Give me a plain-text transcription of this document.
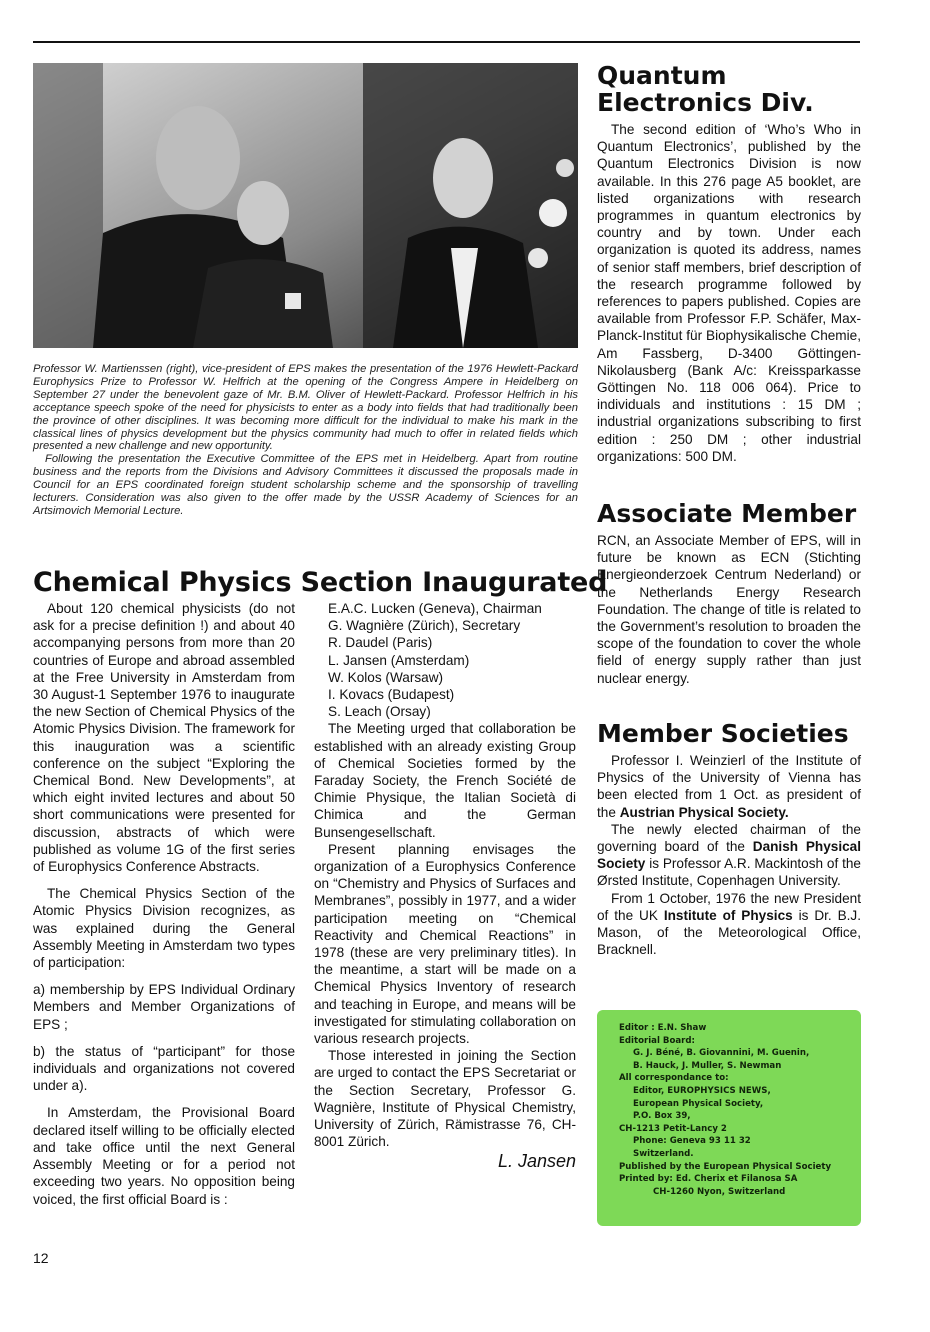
Professor W. Martienssen (right), vice-president of EPS makes the presentation of the 1976 Hewlett-Packard Europhysics Prize to Professor W. Helfrich at the opening of the Congress Ampere in Heidelberg on September 27 under the benevolent gaze of Mr. B.M. Oliver of Hewlett-Packard. Professor Helfrich in his acceptance speech spoke of the need for physicists to enter as a body into fields that had traditionally been the province of other disciplines. It was becoming more difficult for the individual to make his mark in the classical lines of physics development but the physics community had much to offer in related fields which presented a new challenge and new opportunity.

Following the presentation the Executive Committee of the EPS met in Heidelberg. Apart from routine business and the reports from the Divisions and Advisory Committees it discussed the proposals made in Council for an EPS coordinated foreign student scholarship scheme and the sponsorship of travelling lecturers. Consideration was also given to the offer made by the USSR Academy of Sciences for an Artsimovich Memorial Lecture.

Chemical Physics Section Inaugurated

About 120 chemical physicists (do not ask for a precise definition !) and about 40 accompanying persons from more than 20 countries of Europe and abroad assembled at the Free University in Amsterdam from 30 August-1 September 1976 to inaugurate the new Section of Chemical Physics of the Atomic Physics Division. The framework for this inauguration was a scientific conference on the subject “Exploring the Chemical Bond. New Developments”, at which eight invited lectures and about 50 short communications were presented for discussion, abstracts of which were published as volume 1G of the first series of Europhysics Conference Abstracts.

The Chemical Physics Section of the Atomic Physics Division recognizes, as was explained during the General Assembly Meeting in Amsterdam two types of participation:

a) membership by EPS Individual Ordinary Members and Member Organizations of EPS ;

b) the status of “participant” for those individuals and organizations not covered under a).

In Amsterdam, the Provisional Board declared itself willing to be officially elected and take office until the next General Assembly Meeting or for a period not exceeding two years. No opposition being voiced, the first official Board is :

E.A.C. Lucken (Geneva), Chairman
G. Wagnière (Zürich), Secretary
R. Daudel (Paris)
L. Jansen (Amsterdam)
W. Kolos (Warsaw)
I. Kovacs (Budapest)
S. Leach (Orsay)

The Meeting urged that collaboration be established with an already existing Group of Chemical Societies formed by the Faraday Society, the French Société de Chimie Physique, the Italian Società di Chimica and the German Bunsengesellschaft.

Present planning envisages the organization of a Europhysics Conference on “Chemistry and Physics of Surfaces and Membranes”, possibly in 1977, and a wider participation meeting on “Chemical Reactivity and Chemical Reactions” in 1978 (these are very preliminary titles). In the meantime, a start will be made on a Chemical Physics Inventory of research and teaching in Europe, and means will be investigated for stimulating collaboration on various research projects.

Those interested in joining the Section are urged to contact the EPS Secretariat or the Section Secretary, Professor G. Wagnière, Institute of Physical Chemistry, University of Zürich, Rämistrasse 76, CH-8001 Zürich.

L. Jansen
Quantum Electronics Div.

The second edition of ‘Who’s Who in Quantum Electronics’, published by the Quantum Electronics Division is now available. In this 276 page A5 booklet, are listed organizations with research programmes in quantum electronics by country and by town. Under each organization is quoted its address, names of senior staff members, brief description of the research programme followed by references to papers published. Copies are available from Professor F.P. Schäfer, Max-Planck-Institut für Biophysikalische Chemie, Am Fassberg, D-3400 Göttingen-Nikolausberg (Bank A/c: Kreissparkasse Göttingen No. 118 006 064). Price to individuals and institutions : 15 DM ; industrial organizations subscribing to first edition : 250 DM ; other industrial organizations: 500 DM.

Associate Member

RCN, an Associate Member of EPS, will in future be known as ECN (Stichting Energieonderzoek Centrum Nederland) or the Netherlands Energy Research Foundation. The change of title is related to the Government’s resolution to broaden the scope of the foundation to cover the whole field of energy supply rather than just nuclear energy.

Member Societies

Professor I. Weinzierl of the Institute of Physics of the University of Vienna has been elected from 1 Oct. as president of the Austrian Physical Society.

The newly elected chairman of the governing board of the Danish Physical Society is Professor A.R. Mackintosh of the Ørsted Institute, Copenhagen University.

From 1 October, 1976 the new President of the UK Institute of Physics is Dr. B.J. Mason, of the Meteorological Office, Bracknell.

Editor : E.N. Shaw
Editorial Board:
G. J. Béné, B. Giovannini, M. Guenin,
B. Hauck, J. Muller, S. Newman
All correspondance to:
Editor, EUROPHYSICS NEWS,
European Physical Society,
P.O. Box 39,
CH-1213 Petit-Lancy 2
Phone: Geneva 93 11 32
Switzerland.
Published by the European Physical Society
Printed by: Ed. Cherix et Filanosa SA
CH-1260 Nyon, Switzerland
12
